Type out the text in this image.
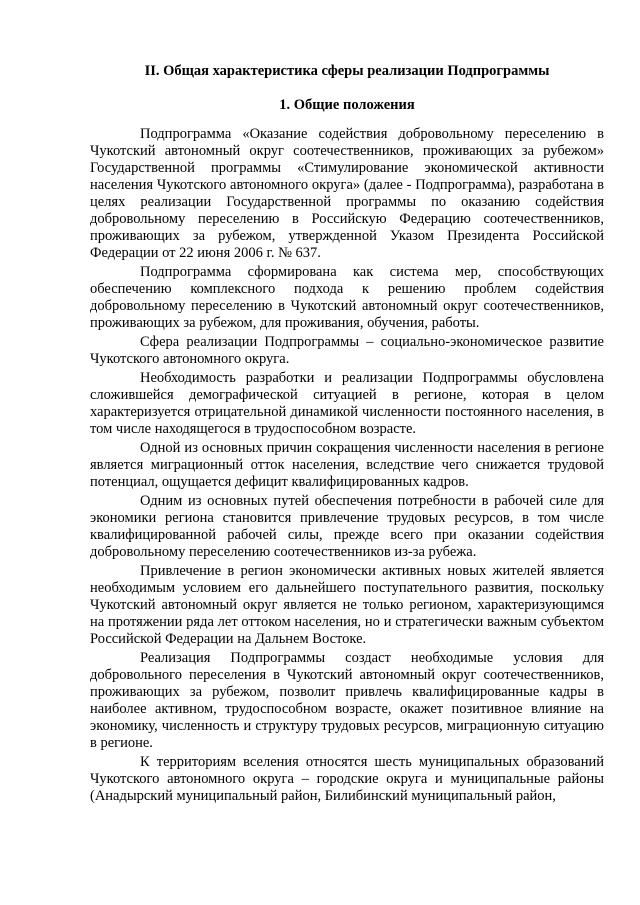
II. Общая характеристика сферы реализации Подпрограммы
1. Общие положения

Подпрограмма «Оказание содействия добровольному переселению в Чукотский автономный округ соотечественников, проживающих за рубежом» Государственной программы «Стимулирование экономической активности населения Чукотского автономного округа» (далее - Подпрограмма), разработана в целях реализации Государственной программы по оказанию содействия добровольному переселению в Российскую Федерацию соотечественников, проживающих за рубежом, утвержденной Указом Президента Российской Федерации от 22 июня 2006 г. № 637.

Подпрограмма сформирована как система мер, способствующих обеспечению комплексного подхода к решению проблем содействия добровольному переселению в Чукотский автономный округ соотечественников, проживающих за рубежом, для проживания, обучения, работы.

Сфера реализации Подпрограммы – социально-экономическое развитие Чукотского автономного округа.

Необходимость разработки и реализации Подпрограммы обусловлена сложившейся демографической ситуацией в регионе, которая в целом характеризуется отрицательной динамикой численности постоянного населения, в том числе находящегося в трудоспособном возрасте.

Одной из основных причин сокращения численности населения в регионе является миграционный отток населения, вследствие чего снижается трудовой потенциал, ощущается дефицит квалифицированных кадров.

Одним из основных путей обеспечения потребности в рабочей силе для экономики региона становится привлечение трудовых ресурсов, в том числе квалифицированной рабочей силы, прежде всего при оказании содействия добровольному переселению соотечественников из-за рубежа.

Привлечение в регион экономически активных новых жителей является необходимым условием его дальнейшего поступательного развития, поскольку Чукотский автономный округ является не только регионом, характеризующимся на протяжении ряда лет оттоком населения, но и стратегически важным субъектом Российской Федерации на Дальнем Востоке.

Реализация Подпрограммы создаст необходимые условия для добровольного переселения в Чукотский автономный округ соотечественников, проживающих за рубежом, позволит привлечь квалифицированные кадры в наиболее активном, трудоспособном возрасте, окажет позитивное влияние на экономику, численность и структуру трудовых ресурсов, миграционную ситуацию в регионе.

К территориям вселения относятся шесть муниципальных образований Чукотского автономного округа – городские округа и муниципальные районы (Анадырский муниципальный район, Билибинский муниципальный район,
